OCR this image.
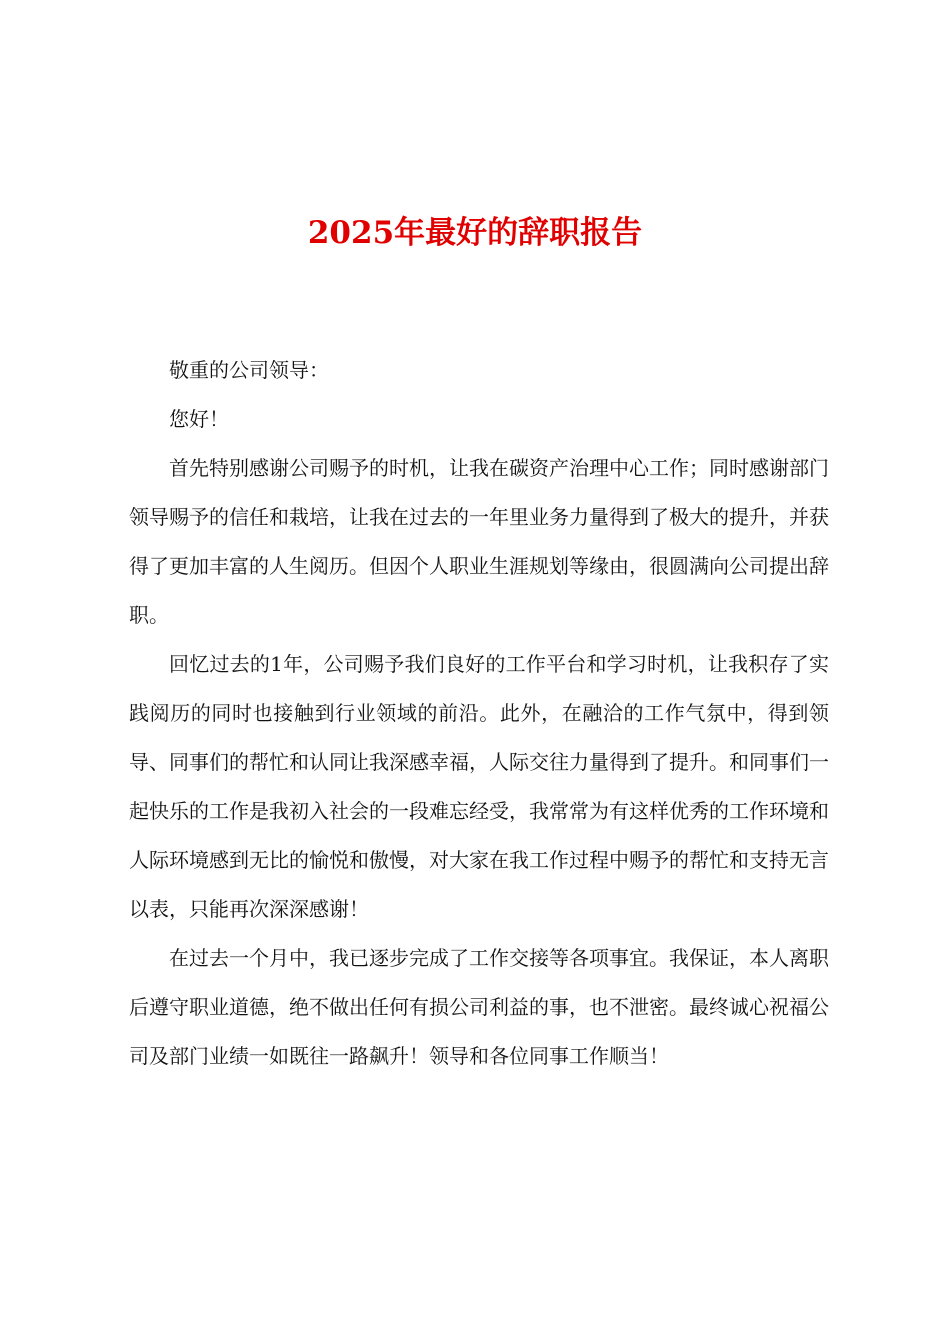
2025年最好的辞职报告

敬重的公司领导：

您好！

首先特别感谢公司赐予的时机，让我在碳资产治理中心工作；同时感谢部门领导赐予的信任和栽培，让我在过去的一年里业务力量得到了极大的提升，并获得了更加丰富的人生阅历。但因个人职业生涯规划等缘由，很圆满向公司提出辞职。

回忆过去的1年，公司赐予我们良好的工作平台和学习时机，让我积存了实践阅历的同时也接触到行业领域的前沿。此外，在融洽的工作气氛中，得到领导、同事们的帮忙和认同让我深感幸福，人际交往力量得到了提升。和同事们一起快乐的工作是我初入社会的一段难忘经受，我常常为有这样优秀的工作环境和人际环境感到无比的愉悦和傲慢，对大家在我工作过程中赐予的帮忙和支持无言以表，只能再次深深感谢！

在过去一个月中，我已逐步完成了工作交接等各项事宜。我保证，本人离职后遵守职业道德，绝不做出任何有损公司利益的事，也不泄密。最终诚心祝福公司及部门业绩一如既往一路飙升！领导和各位同事工作顺当！
